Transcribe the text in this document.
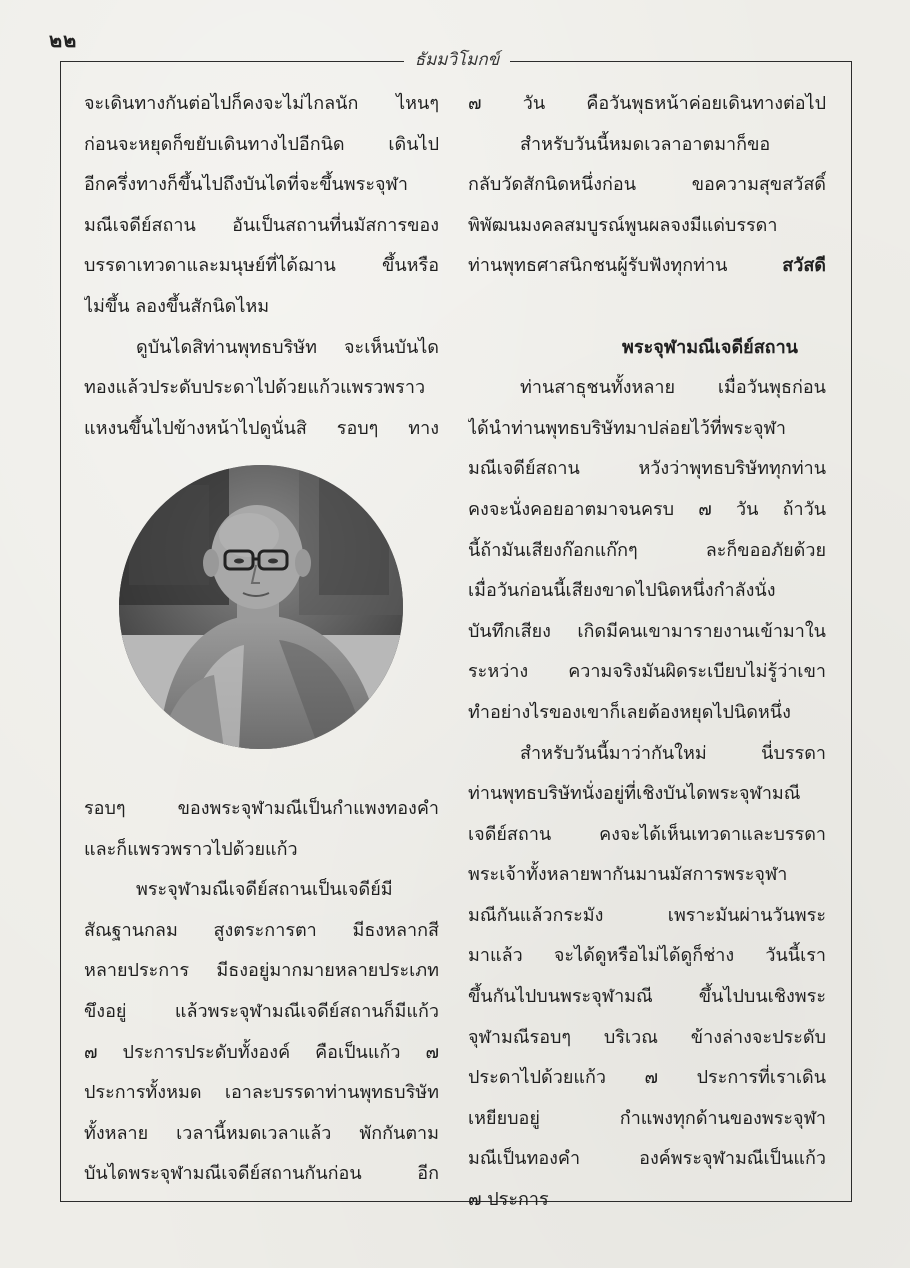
๒๒
ธัมมวิโมกข์
จะเดินทางกันต่อไปก็คงจะไม่ไกลนัก ไหนๆ
ก่อนจะหยุดก็ขยับเดินทางไปอีกนิด เดินไป
อีกครึ่งทางก็ขึ้นไปถึงบันไดที่จะขึ้นพระจุฬา
มณีเจดีย์สถาน อันเป็นสถานที่นมัสการของ
บรรดาเทวดาและมนุษย์ที่ได้ฌาน ขึ้นหรือ
ไม่ขึ้น ลองขึ้นสักนิดไหม
ดูบันไดสิท่านพุทธบริษัท จะเห็นบันได
ทองแล้วประดับประดาไปด้วยแก้วแพรวพราว
แหงนขึ้นไปข้างหน้าไปดูนั่นสิ รอบๆ ทาง
รอบๆ ของพระจุฬามณีเป็นกำแพงทองคำ
และก็แพรวพราวไปด้วยแก้ว
พระจุฬามณีเจดีย์สถานเป็นเจดีย์มี
สัณฐานกลม สูงตระการตา มีธงหลากสี
หลายประการ มีธงอยู่มากมายหลายประเภท
ขึงอยู่ แล้วพระจุฬามณีเจดีย์สถานก็มีแก้ว
๗ ประการประดับทั้งองค์ คือเป็นแก้ว ๗
ประการทั้งหมด เอาละบรรดาท่านพุทธบริษัท
ทั้งหลาย เวลานี้หมดเวลาแล้ว พักกันตาม
บันไดพระจุฬามณีเจดีย์สถานกันก่อน อีก
๗ วัน คือวันพุธหน้าค่อยเดินทางต่อไป
สำหรับวันนี้หมดเวลาอาตมาก็ขอ
กลับวัดสักนิดหนึ่งก่อน ขอความสุขสวัสดิ์
พิพัฒนมงคลสมบูรณ์พูนผลจงมีแด่บรรดา
ท่านพุทธศาสนิกชนผู้รับฟังทุกท่าน	สวัสดี
พระจุฬามณีเจดีย์สถาน
ท่านสาธุชนทั้งหลาย เมื่อวันพุธก่อน
ได้นำท่านพุทธบริษัทมาปล่อยไว้ที่พระจุฬา
มณีเจดีย์สถาน หวังว่าพุทธบริษัททุกท่าน
คงจะนั่งคอยอาตมาจนครบ ๗ วัน ถ้าวัน
นี้ถ้ามันเสียงก๊อกแก๊กๆ ละก็ขออภัยด้วย
เมื่อวันก่อนนี้เสียงขาดไปนิดหนึ่งกำลังนั่ง
บันทึกเสียง เกิดมีคนเขามารายงานเข้ามาใน
ระหว่าง ความจริงมันผิดระเบียบไม่รู้ว่าเขา
ทำอย่างไรของเขาก็เลยต้องหยุดไปนิดหนึ่ง
สำหรับวันนี้มาว่ากันใหม่ นี่บรรดา
ท่านพุทธบริษัทนั่งอยู่ที่เชิงบันไดพระจุฬามณี
เจดีย์สถาน คงจะได้เห็นเทวดาและบรรดา
พระเจ้าทั้งหลายพากันมานมัสการพระจุฬา
มณีกันแล้วกระมัง เพราะมันผ่านวันพระ
มาแล้ว จะได้ดูหรือไม่ได้ดูก็ช่าง วันนี้เรา
ขึ้นกันไปบนพระจุฬามณี ขึ้นไปบนเชิงพระ
จุฬามณีรอบๆ บริเวณ ข้างล่างจะประดับ
ประดาไปด้วยแก้ว ๗ ประการที่เราเดิน
เหยียบอยู่ กำแพงทุกด้านของพระจุฬา
มณีเป็นทองคำ องค์พระจุฬามณีเป็นแก้ว
๗ ประการ
